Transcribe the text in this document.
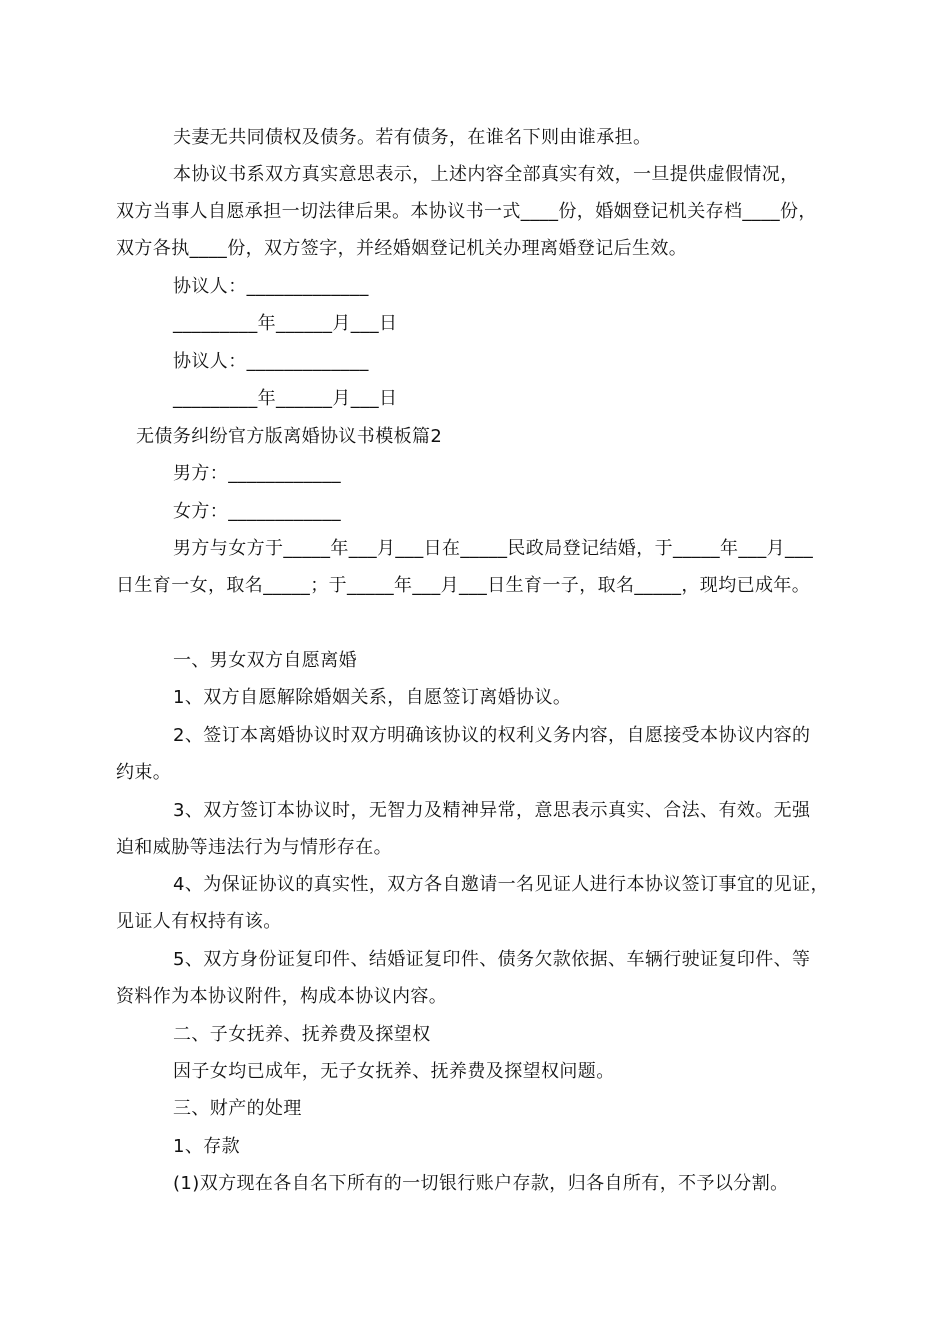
夫妻无共同债权及债务。若有债务，在谁名下则由谁承担。
本协议书系双方真实意思表示，上述内容全部真实有效，一旦提供虚假情况，
双方当事人自愿承担一切法律后果。本协议书一式____份，婚姻登记机关存档____份，
双方各执____份，双方签字，并经婚姻登记机关办理离婚登记后生效。
协议人：_____________
_________年______月___日
协议人：_____________
_________年______月___日
无债务纠纷官方版离婚协议书模板篇2
男方：____________
女方：____________
男方与女方于_____年___月___日在_____民政局登记结婚，于_____年___月___
日生育一女，取名_____；于_____年___月___日生育一子，取名_____，现均已成年。
一、男女双方自愿离婚
1、双方自愿解除婚姻关系，自愿签订离婚协议。
2、签订本离婚协议时双方明确该协议的权利义务内容，自愿接受本协议内容的
约束。
3、双方签订本协议时，无智力及精神异常，意思表示真实、合法、有效。无强
迫和威胁等违法行为与情形存在。
4、为保证协议的真实性，双方各自邀请一名见证人进行本协议签订事宜的见证，
见证人有权持有该。
5、双方身份证复印件、结婚证复印件、债务欠款依据、车辆行驶证复印件、等
资料作为本协议附件，构成本协议内容。
二、子女抚养、抚养费及探望权
因子女均已成年，无子女抚养、抚养费及探望权问题。
三、财产的处理
1、存款
(1)双方现在各自名下所有的一切银行账户存款，归各自所有，不予以分割。
